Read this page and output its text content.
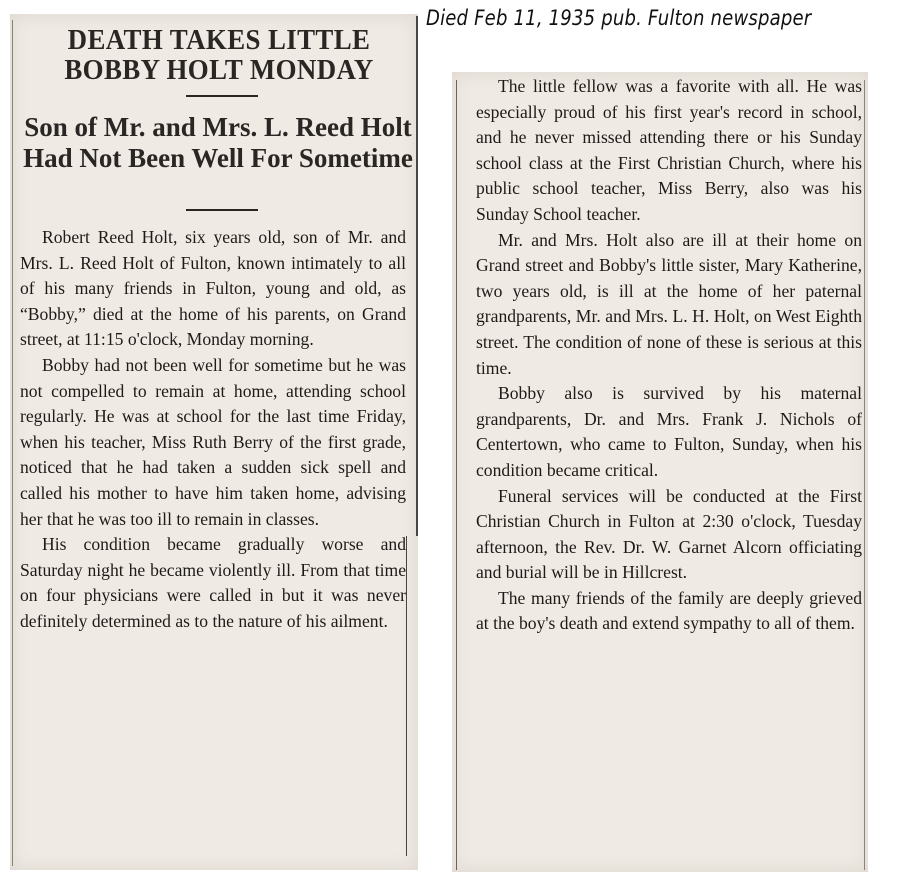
Died Feb 11, 1935 pub. Fulton newspaper
DEATH TAKES LITTLE BOBBY HOLT MONDAY
Son of Mr. and Mrs. L. Reed Holt Had Not Been Well For Sometime

Robert Reed Holt, six years old, son of Mr. and Mrs. L. Reed Holt of Fulton, known intimately to all of his many friends in Fulton, young and old, as “Bobby,” died at the home of his parents, on Grand street, at 11:15 o'clock, Monday morning.

Bobby had not been well for sometime but he was not compelled to remain at home, attending school regularly. He was at school for the last time Friday, when his teacher, Miss Ruth Berry of the first grade, noticed that he had taken a sudden sick spell and called his mother to have him taken home, advising her that he was too ill to remain in classes.

His condition became gradually worse and Saturday night he became violently ill. From that time on four physicians were called in but it was never definitely determined as to the nature of his ailment.

The little fellow was a favorite with all. He was especially proud of his first year's record in school, and he never missed attending there or his Sunday school class at the First Christian Church, where his public school teacher, Miss Berry, also was his Sunday School teacher.

Mr. and Mrs. Holt also are ill at their home on Grand street and Bobby's little sister, Mary Katherine, two years old, is ill at the home of her paternal grandparents, Mr. and Mrs. L. H. Holt, on West Eighth street. The condition of none of these is serious at this time.

Bobby also is survived by his maternal grandparents, Dr. and Mrs. Frank J. Nichols of Centertown, who came to Fulton, Sunday, when his condition became critical.

Funeral services will be conducted at the First Christian Church in Fulton at 2:30 o'clock, Tuesday afternoon, the Rev. Dr. W. Garnet Alcorn officiating and burial will be in Hillcrest.

The many friends of the family are deeply grieved at the boy's death and extend sympathy to all of them.
